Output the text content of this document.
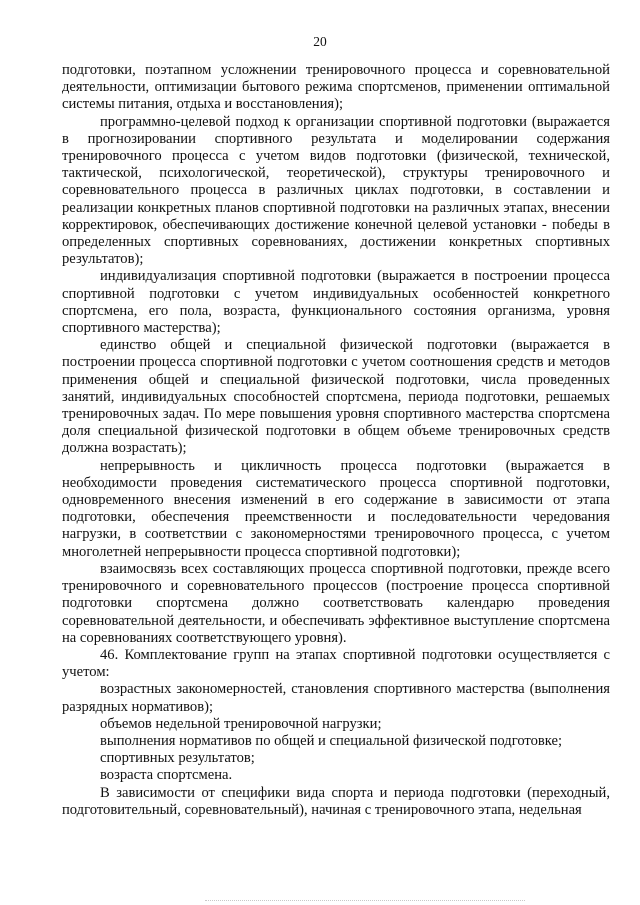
20

подготовки, поэтапном усложнении тренировочного процесса и соревновательной деятельности, оптимизации бытового режима спортсменов, применении оптимальной системы питания, отдыха и восстановления);

программно-целевой подход к организации спортивной подготовки (выражается в прогнозировании спортивного результата и моделировании содержания тренировочного процесса с учетом видов подготовки (физической, технической, тактической, психологической, теоретической), структуры тренировочного и соревновательного процесса в различных циклах подготовки, в составлении и реализации конкретных планов спортивной подготовки на различных этапах, внесении корректировок, обеспечивающих достижение конечной целевой установки - победы в определенных спортивных соревнованиях, достижении конкретных спортивных результатов);

индивидуализация спортивной подготовки (выражается в построении процесса спортивной подготовки с учетом индивидуальных особенностей конкретного спортсмена, его пола, возраста, функционального состояния организма, уровня спортивного мастерства);

единство общей и специальной физической подготовки (выражается в построении процесса спортивной подготовки с учетом соотношения средств и методов применения общей и специальной физической подготовки, числа проведенных занятий, индивидуальных способностей спортсмена, периода подготовки, решаемых тренировочных задач. По мере повышения уровня спортивного мастерства спортсмена доля специальной физической подготовки в общем объеме тренировочных средств должна возрастать);

непрерывность и цикличность процесса подготовки (выражается в необходимости проведения систематического процесса спортивной подготовки, одновременного внесения изменений в его содержание в зависимости от этапа подготовки, обеспечения преемственности и последовательности чередования нагрузки, в соответствии с закономерностями тренировочного процесса, с учетом многолетней непрерывности процесса спортивной подготовки);

взаимосвязь всех составляющих процесса спортивной подготовки, прежде всего тренировочного и соревновательного процессов (построение процесса спортивной подготовки спортсмена должно соответствовать календарю проведения соревновательной деятельности, и обеспечивать эффективное выступление спортсмена на соревнованиях соответствующего уровня).

46. Комплектование групп на этапах спортивной подготовки осуществляется с учетом:

возрастных закономерностей, становления спортивного мастерства (выполнения разрядных нормативов);

объемов недельной тренировочной нагрузки;

выполнения нормативов по общей и специальной физической подготовке;

спортивных результатов;

возраста спортсмена.

В зависимости от специфики вида спорта и периода подготовки (переходный, подготовительный, соревновательный), начиная с тренировочного этапа, недельная
